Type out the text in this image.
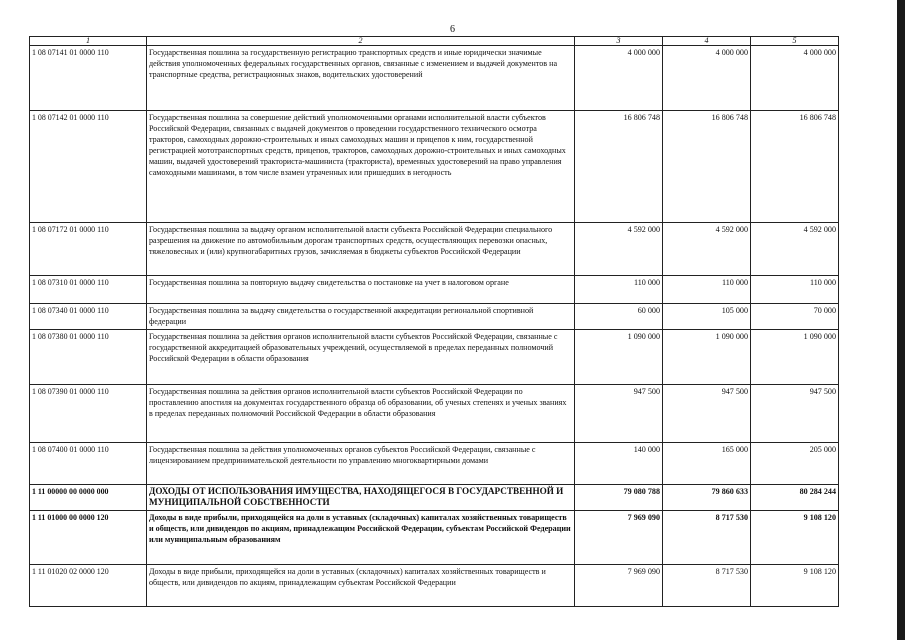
6
1	2	3	4	5
1 08 07141 01 0000 110	Государственная пошлина за государственную регистрацию транспортных средств и иные юридически значимые действия уполномоченных федеральных государственных органов, связанные с изменением и выдачей документов на транспортные средства, регистрационных знаков, водительских удостоверений	4 000 000	4 000 000	4 000 000
1 08 07142 01 0000 110	Государственная пошлина за совершение действий уполномоченными органами исполнительной власти субъектов Российской Федерации, связанных с выдачей документов о проведении государственного технического осмотра тракторов, самоходных дорожно-строительных и иных самоходных машин и прицепов к ним, государственной регистрацией мототранспортных средств, прицепов, тракторов, самоходных дорожно-строительных и иных самоходных машин, выдачей удостоверений тракториста-машиниста (тракториста), временных удостоверений на право управления самоходными машинами, в том числе взамен утраченных или пришедших в негодность	16 806 748	16 806 748	16 806 748
1 08 07172 01 0000 110	Государственная пошлина за выдачу органом исполнительной власти субъекта Российской Федерации специального разрешения на движение по автомобильным дорогам транспортных средств, осуществляющих перевозки опасных, тяжеловесных и (или) крупногабаритных грузов, зачисляемая в бюджеты субъектов Российской Федерации	4 592 000	4 592 000	4 592 000
1 08 07310 01 0000 110	Государственная пошлина за повторную выдачу свидетельства о постановке на учет в налоговом органе	110 000	110 000	110 000
1 08 07340 01 0000 110	Государственная пошлина за выдачу свидетельства о государственной аккредитации региональной спортивной федерации	60 000	105 000	70 000
1 08 07380 01 0000 110	Государственная пошлина за действия органов исполнительной власти субъектов Российской Федерации, связанные с государственной аккредитацией образовательных учреждений, осуществляемой в пределах переданных полномочий Российской Федерации в области образования	1 090 000	1 090 000	1 090 000
1 08 07390 01 0000 110	Государственная пошлина за действия органов исполнительной власти субъектов Российской Федерации по проставлению апостиля на документах государственного образца об образовании, об ученых степенях и ученых званиях в пределах переданных полномочий Российской Федерации в области образования	947 500	947 500	947 500
1 08 07400 01 0000 110	Государственная пошлина за действия уполномоченных органов субъектов Российской Федерации, связанные с лицензированием предпринимательской деятельности по управлению многоквартирными домами	140 000	165 000	205 000
1 11 00000 00 0000 000	ДОХОДЫ ОТ ИСПОЛЬЗОВАНИЯ ИМУЩЕСТВА, НАХОДЯЩЕГОСЯ В ГОСУДАРСТВЕННОЙ И МУНИЦИПАЛЬНОЙ СОБСТВЕННОСТИ	79 080 788	79 860 633	80 284 244
1 11 01000 00 0000 120	Доходы в виде прибыли, приходящейся на доли в уставных (складочных) капиталах хозяйственных товариществ и обществ, или дивидендов по акциям, принадлежащим Российской Федерации, субъектам Российской Федерации или муниципальным образованиям	7 969 090	8 717 530	9 108 120
1 11 01020 02 0000 120	Доходы в виде прибыли, приходящейся на доли в уставных (складочных) капиталах хозяйственных товариществ и обществ, или дивидендов по акциям, принадлежащим субъектам Российской Федерации	7 969 090	8 717 530	9 108 120
